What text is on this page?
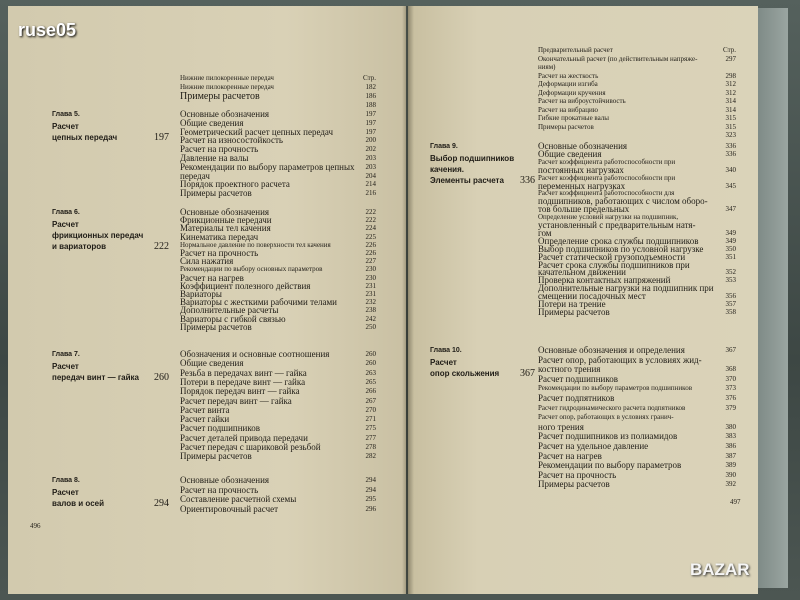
Нижние пилокоренные передач	Стр.
Нижние пилокоренные передач	182
Примеры расчетов	186
188
Глава 5.
Расчет
цепных передач	197
Основные обозначения	197
Общие сведения	197
Геометрический расчет цепных передач	197
Расчет на износостойкость	200
Расчет на прочность	202
Давление на валы	203
Рекомендации по выбору параметров цепных	203
передач	204
Порядок проектного расчета	214
Примеры расчетов	216
Глава 6.
Расчет
фрикционных передач
и вариаторов	222
Основные обозначения	222
Фрикционные передачи	222
Материалы тел качения	224
Кинематика передач	225
Нормальное давление по поверхности тел качения	226
Расчет на прочность	226
Сила нажатия	227
Рекомендации по выбору основных параметров	230
Расчет на нагрев	230
Коэффициент полезного действия	231
Вариаторы	231
Вариаторы с жесткими рабочими телами	232
Дополнительные расчеты	238
Вариаторы с гибкой связью	242
Примеры расчетов	250
Глава 7.
Расчет
передач винт — гайка 260
Обозначения и основные соотношения	260
Общие сведения	260
Резьба в передачах винт — гайка	263
Потери в передаче винт — гайка	265
Порядок передач винт — гайка	266
Расчет передач винт — гайка	267
Расчет винта	270
Расчет гайки	271
Расчет подшипников	275
Расчет деталей привода передачи	277
Расчет передач с шариковой резьбой	278
Примеры расчетов	282
Глава 8.
Расчет
валов и осей	294
Основные обозначения	294
Расчет на прочность	294
Составление расчетной схемы	295
Ориентировочный расчет	296
496
Предварительный расчет	Стр.
Окончательный расчет (по действительным напряже-	297
ниям)
Расчет на жесткость	298
Деформации изгиба	312
Деформации кручения	312
Расчет на виброустойчивость	314
Расчет на вибрацию	314
Гибкие прокатные валы	315
Примеры расчетов	315
323
Глава 9.
Выбор подшипников
качения.
Элементы расчета 336
Основные обозначения	336
Общие сведения	336
Расчет коэффициента работоспособности при
постоянных нагрузках	340
Расчет коэффициента работоспособности при
переменных нагрузках	345
Расчет коэффициента работоспособности для
подшипников, работающих с числом оборо-
тов больше предельных	347
Определение условий нагрузки на подшипник,
установленный с предварительным натя-
гом	349
Определение срока службы подшипников	349
Выбор подшипников по условной нагрузке	350
Расчет статической грузоподъемности	351
Расчет срока службы подшипников при
качательном движении	352
Проверка контактных напряжений	353
Дополнительные нагрузки на подшипник при
смещении посадочных мест	356
Потери на трение	357
Примеры расчетов	358
Глава 10.
Расчет
опор скольжения 367
Основные обозначения и определения	367
Расчет опор, работающих в условиях жид-
костного трения	368
Расчет подшипников	370
Рекомендации по выбору параметров подшипников	373
Расчет подпятников	376
Расчет гидродинамического расчета подпятников	379
Расчет опор, работающих в условиях гранич-
ного трения	380
Расчет подшипников из полиамидов	383
Расчет на удельное давление	386
Расчет на нагрев	387
Рекомендации по выбору параметров	389
Расчет на прочность	390
Примеры расчетов	392
497
ruse05
BAZAR
